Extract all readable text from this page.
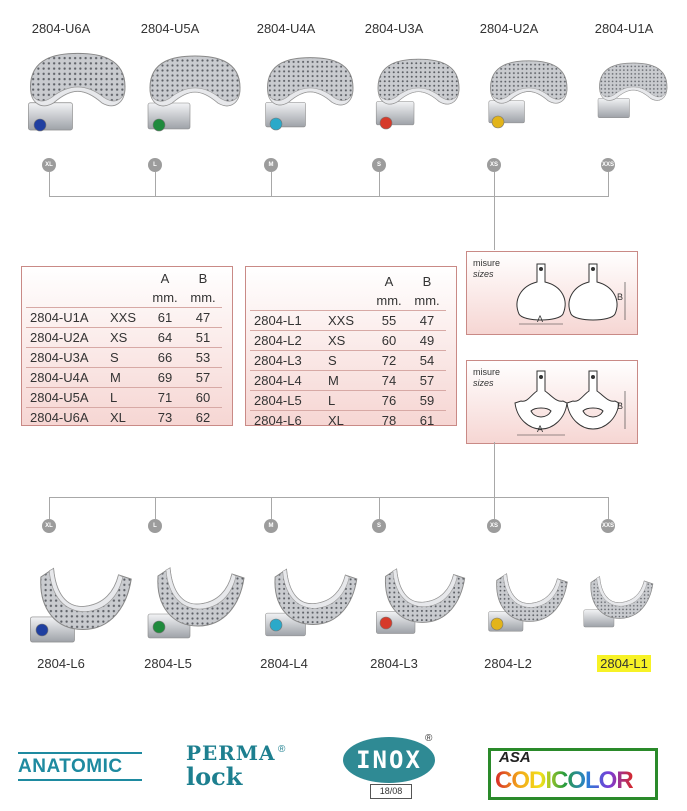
2804-U6A	2804-U5A	2804-U4A	2804-U3A	2804-U2A	2804-U1A
XL	L	M	S	XS	XXS
		A	B
		mm.	mm.
2804-U1A	XXS	61	47
2804-U2A	XS	64	51
2804-U3A	S	66	53
2804-U4A	M	69	57
2804-U5A	L	71	60
2804-U6A	XL	73	62
		A	B
		mm.	mm.
2804-L1	XXS	55	47
2804-L2	XS	60	49
2804-L3	S	72	54
2804-L4	M	74	57
2804-L5	L	76	59
2804-L6	XL	78	61
misure
sizes
A
B
misure
sizes
A
B
XL	L	M	S	XS	XXS
2804-L6	2804-L5	2804-L4	2804-L3	2804-L2	2804-L1
ANATOMIC
PERMA
lock
®	INOX
18/08
®
ASA
CODICOLOR
